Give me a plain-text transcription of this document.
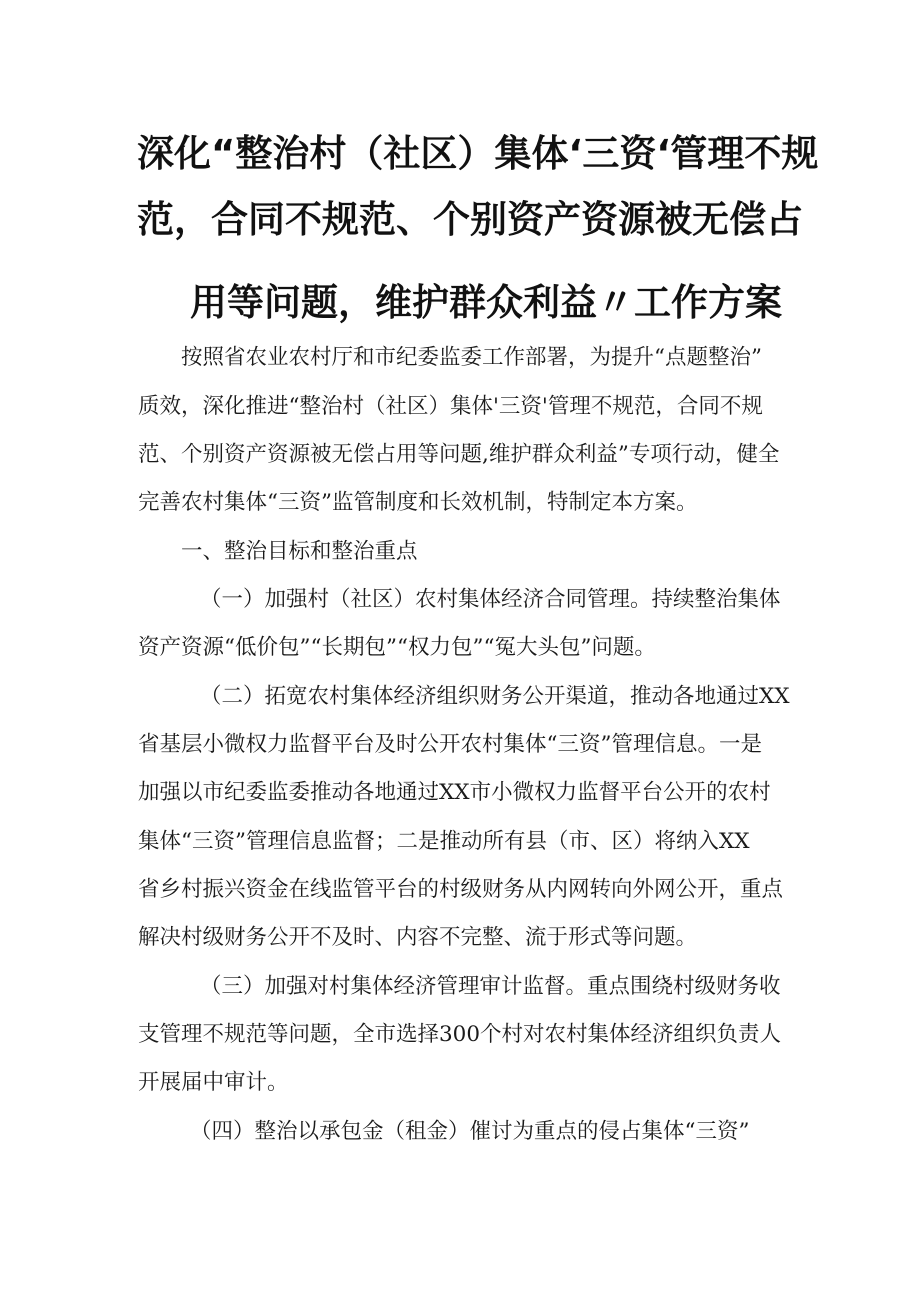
深化“整治村（社区）集体‘三资‘管理不规
范，合同不规范、个别资产资源被无偿占
用等问题，维护群众利益〃工作方案
按照省农业农村厅和市纪委监委工作部署，为提升“点题整治”
质效，深化推进“整治村（社区）集体'三资'管理不规范，合同不规
范、个别资产资源被无偿占用等问题,维护群众利益”专项行动，健全
完善农村集体“三资”监管制度和长效机制，特制定本方案。
一、整治目标和整治重点
（一）加强村（社区）农村集体经济合同管理。持续整治集体
资产资源“低价包”“长期包”“权力包”“冤大头包”问题。
（二）拓宽农村集体经济组织财务公开渠道，推动各地通过XX
省基层小微权力监督平台及时公开农村集体“三资”管理信息。一是
加强以市纪委监委推动各地通过XX市小微权力监督平台公开的农村
集体“三资”管理信息监督；二是推动所有县（市、区）将纳入XX
省乡村振兴资金在线监管平台的村级财务从内网转向外网公开，重点
解决村级财务公开不及时、内容不完整、流于形式等问题。
（三）加强对村集体经济管理审计监督。重点围绕村级财务收
支管理不规范等问题，全市选择300个村对农村集体经济组织负责人
开展届中审计。
（四）整治以承包金（租金）催讨为重点的侵占集体“三资”
